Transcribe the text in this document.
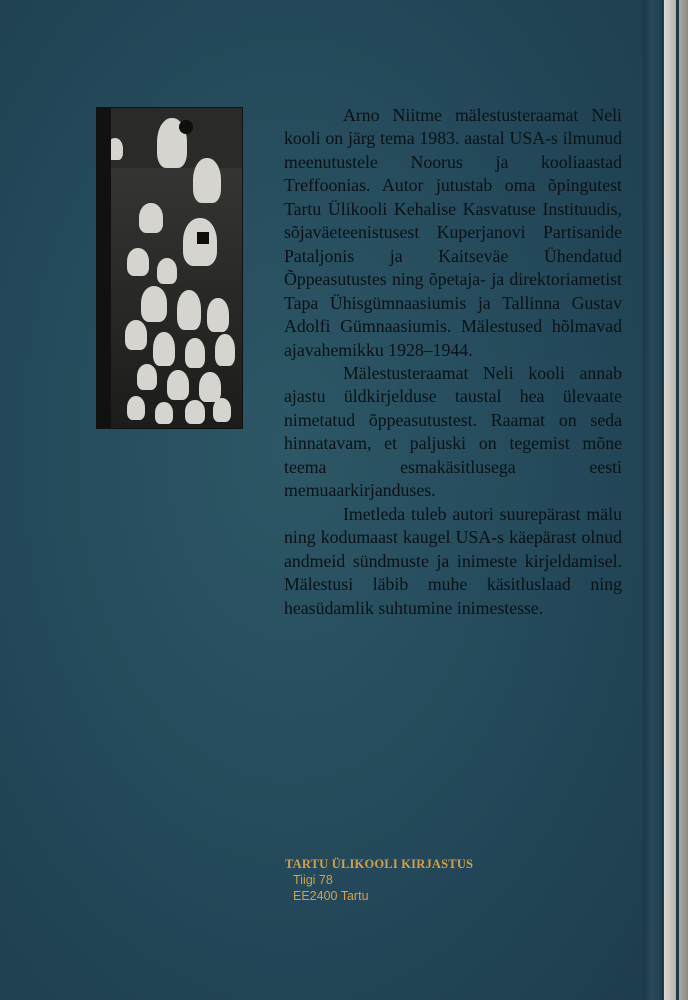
Arno Niitme mälestusteraamat Neli kooli on järg tema 1983. aastal USA-s ilmunud meenutustele Noorus ja kooliaastad Treffoonias. Autor jutustab oma õpingutest Tartu Ülikooli Kehalise Kasvatuse Instituudis, sõjaväeteenistusest Kuperjanovi Partisanide Pataljonis ja Kaitseväe Ühendatud Õppeasutustes ning õpetaja- ja direktoriametist Tapa Ühisgümnaasiumis ja Tallinna Gustav Adolfi Gümnaasiumis. Mälestused hõlmavad ajavahemikku 1928–1944.

Mälestusteraamat Neli kooli annab ajastu üldkirjelduse taustal hea ülevaate nimetatud õppeasutustest. Raamat on seda hinnatavam, et paljuski on tegemist mõne teema esmakäsitlusega eesti memuaarkirjanduses.

Imetleda tuleb autori suurepärast mälu ning kodumaast kaugel USA-s käepärast olnud andmeid sündmuste ja inimeste kirjeldamisel. Mälestusi läbib muhe käsitluslaad ning heasüdamlik suhtumine inimestesse.

TARTU ÜLIKOOLI KIRJASTUS
Tiigi 78
EE2400 Tartu
